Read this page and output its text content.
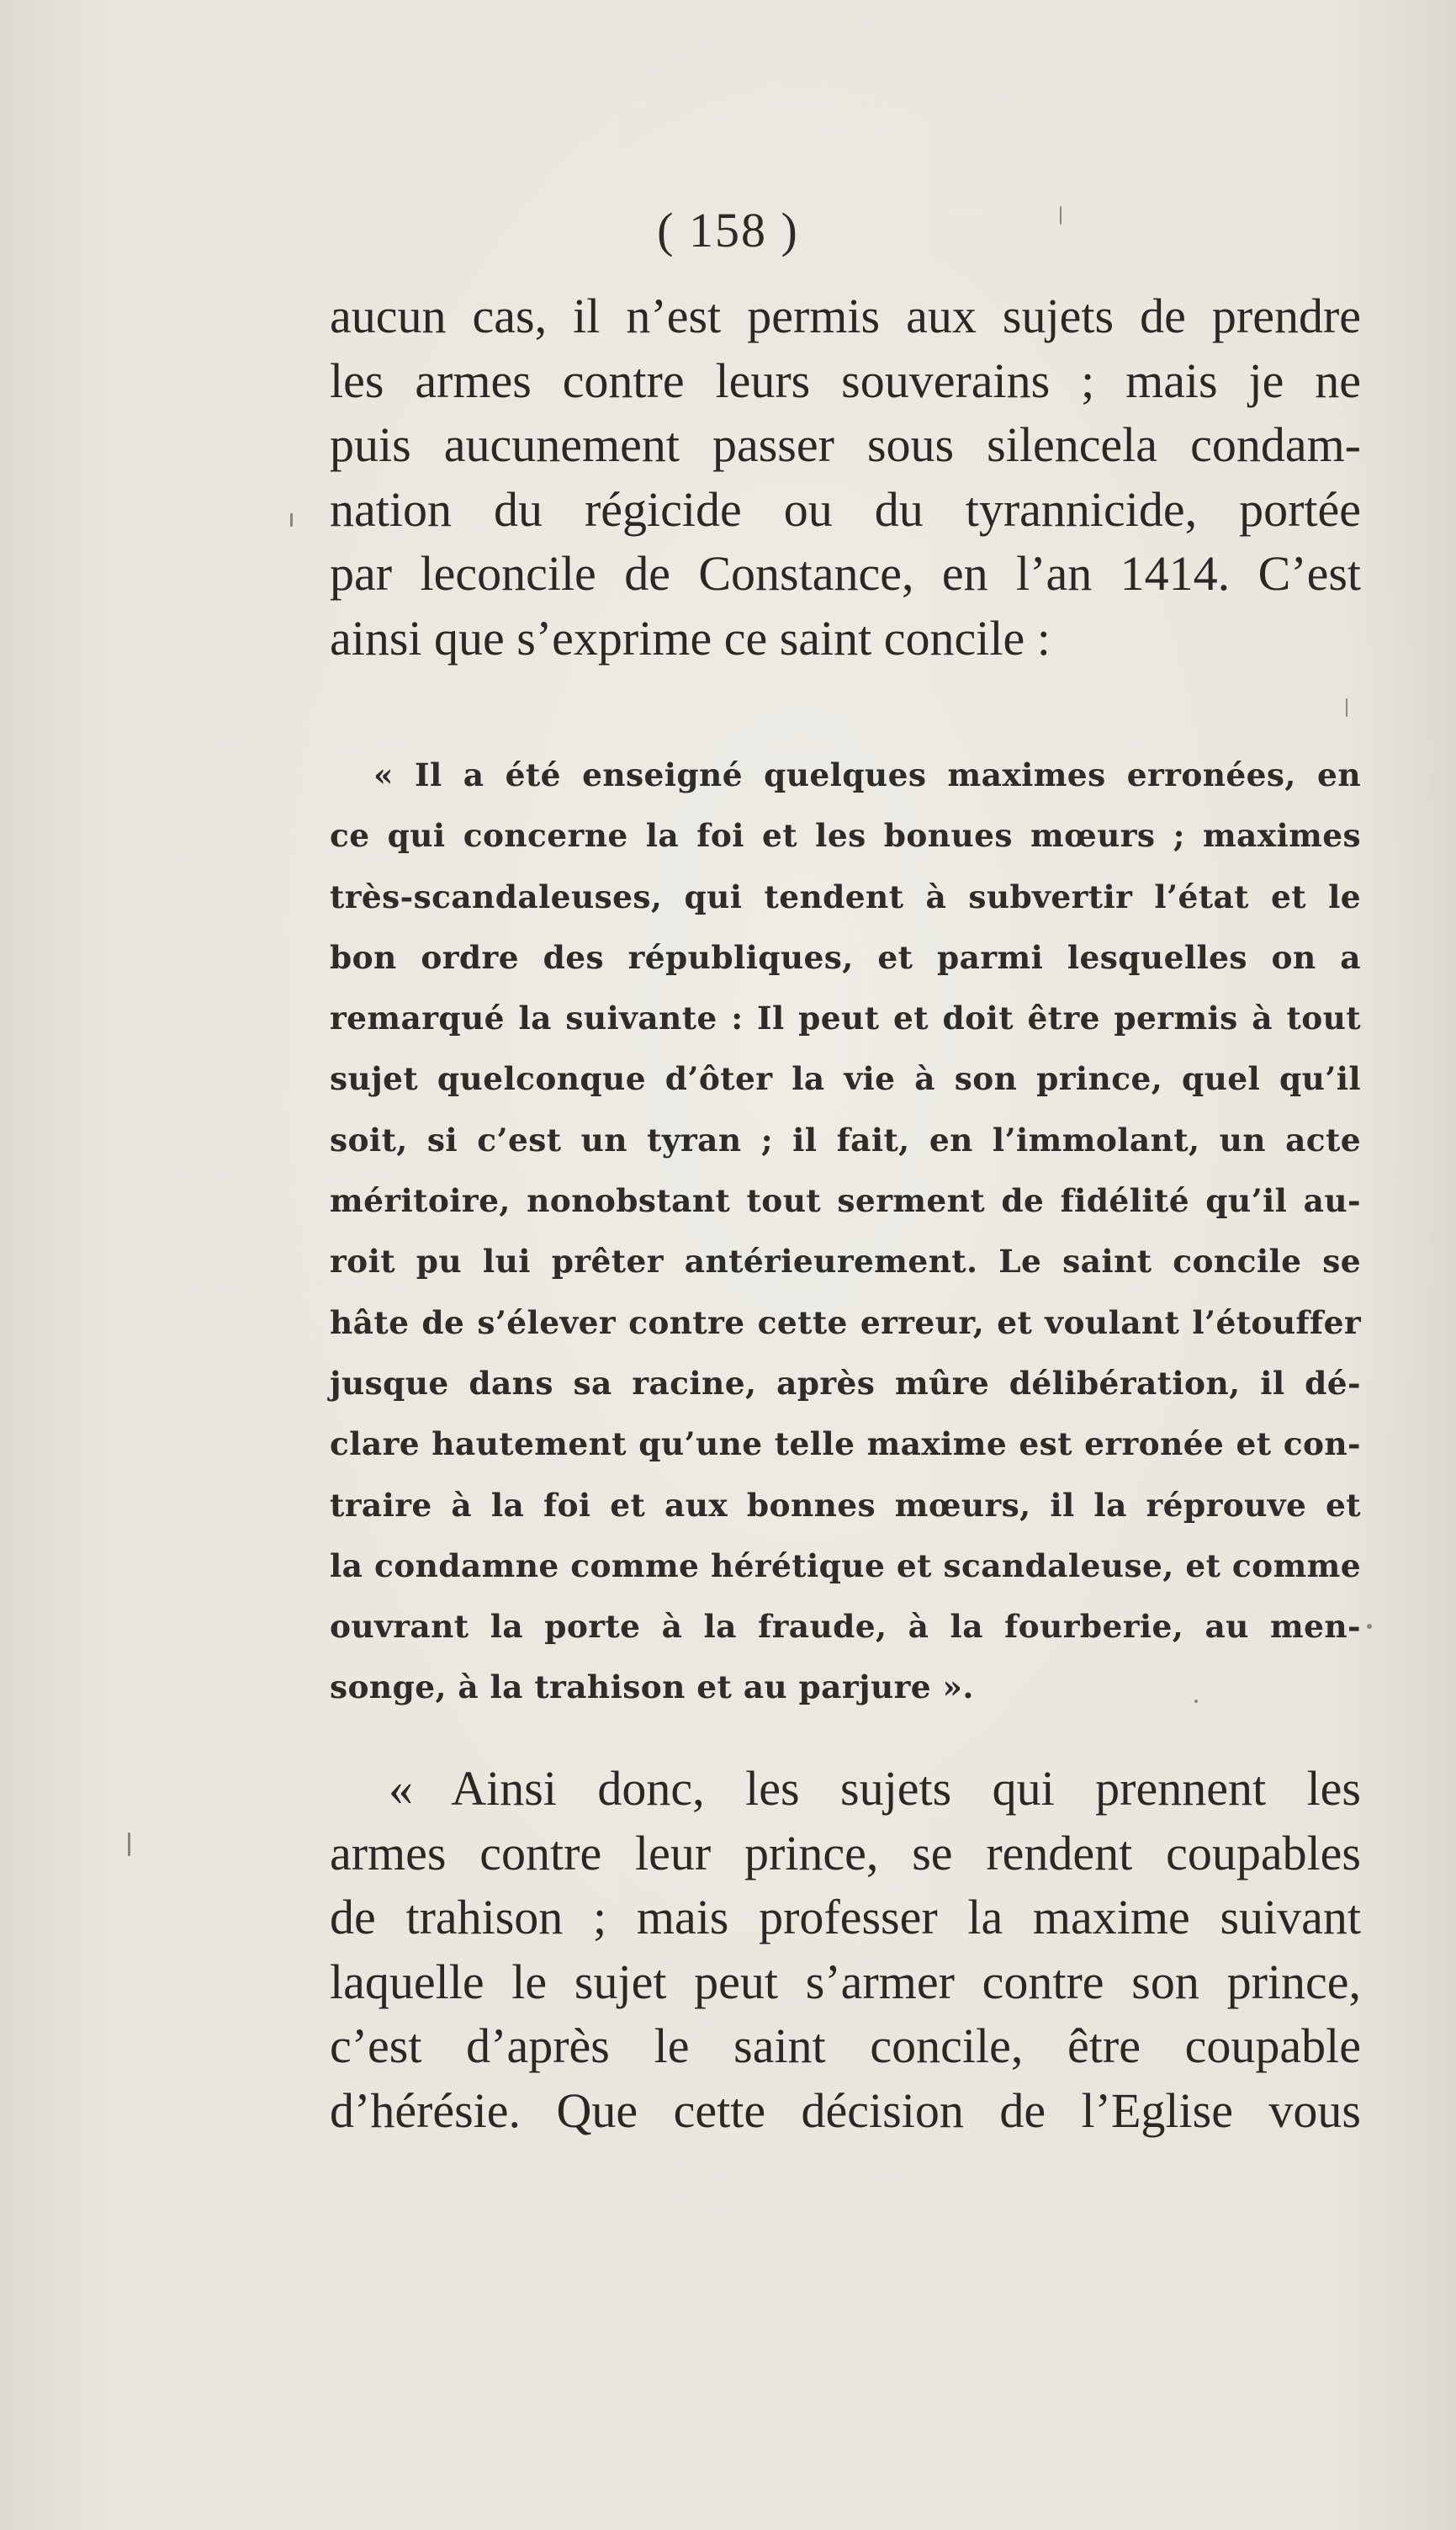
( 158 )

aucun cas, il n’est permis aux sujets de prendre
les armes contre leurs souverains ; mais je ne
puis aucunement passer sous silencela condam-
nation du régicide ou du tyrannicide, portée
par leconcile de Constance, en l’an 1414. C’est
ainsi que s’exprime ce saint concile :

« Il a été enseigné quelques maximes erronées, en
ce qui concerne la foi et les bonues mœurs ; maximes
très-scandaleuses, qui tendent à subvertir l’état et le
bon ordre des républiques, et parmi lesquelles on a
remarqué la suivante : Il peut et doit être permis à tout
sujet quelconque d’ôter la vie à son prince, quel qu’il
soit, si c’est un tyran ; il fait, en l’immolant, un acte
méritoire, nonobstant tout serment de fidélité qu’il au-
roit pu lui prêter antérieurement. Le saint concile se
hâte de s’élever contre cette erreur, et voulant l’étouffer
jusque dans sa racine, après mûre délibération, il dé-
clare hautement qu’une telle maxime est erronée et con-
traire à la foi et aux bonnes mœurs, il la réprouve et
la condamne comme hérétique et scandaleuse, et comme
ouvrant la porte à la fraude, à la fourberie, au men-
songe, à la trahison et au parjure ».

« Ainsi donc, les sujets qui prennent les
armes contre leur prince, se rendent coupables
de trahison ; mais professer la maxime suivant
laquelle le sujet peut s’armer contre son prince,
c’est d’après le saint concile, être coupable
d’hérésie. Que cette décision de l’Eglise vous
